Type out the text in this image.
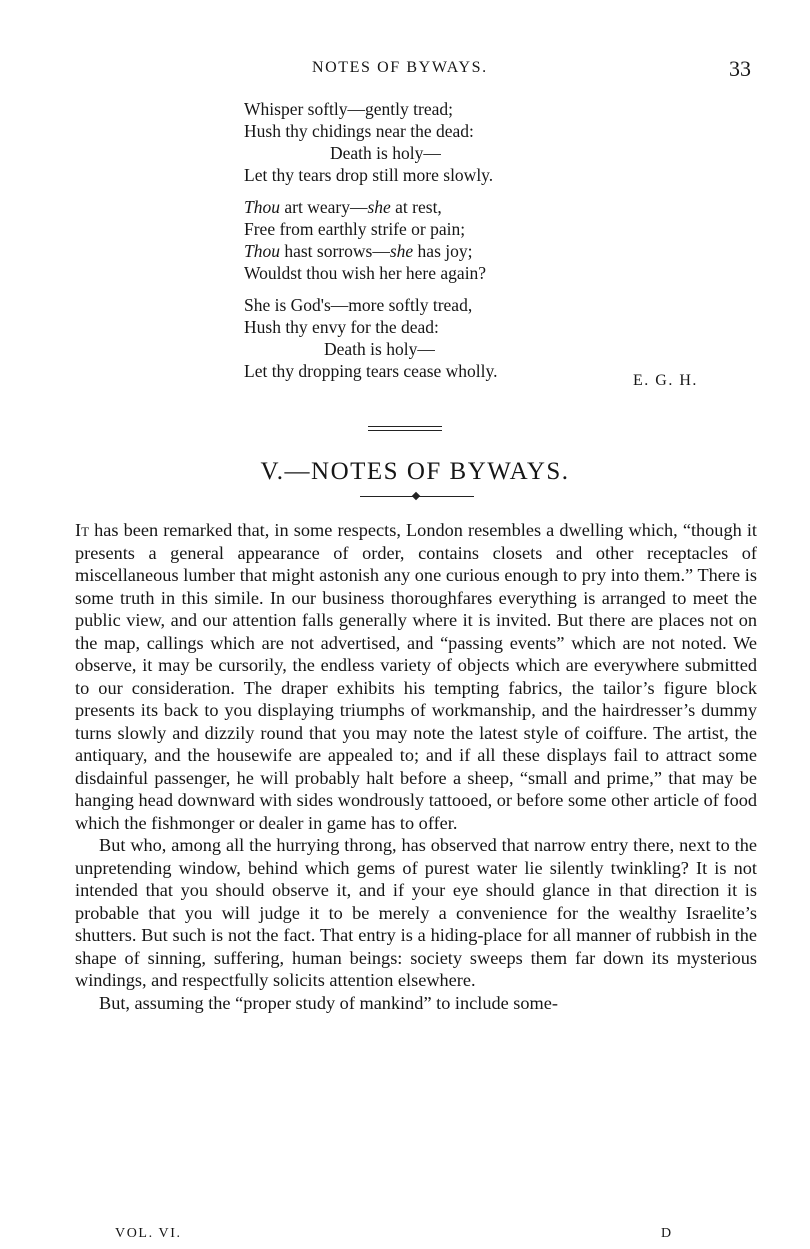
NOTES OF BYWAYS.	33
Whisper softly—gently tread;
Hush thy chidings near the dead:
Death is holy—
Let thy tears drop still more slowly.
Thou art weary—she at rest,
Free from earthly strife or pain;
Thou hast sorrows—she has joy;
Wouldst thou wish her here again?
She is God's—more softly tread,
Hush thy envy for the dead:
Death is holy—
Let thy dropping tears cease wholly.	E. G. H.
V.—NOTES OF BYWAYS.

It has been remarked that, in some respects, London resembles a dwelling which, “though it presents a general appearance of order, contains closets and other receptacles of miscellaneous lumber that might astonish any one curious enough to pry into them.” There is some truth in this simile. In our business thoroughfares everything is arranged to meet the public view, and our attention falls generally where it is invited. But there are places not on the map, callings which are not advertised, and “passing events” which are not noted. We observe, it may be cursorily, the endless variety of objects which are everywhere submitted to our consideration. The draper exhibits his tempting fabrics, the tailor’s figure block presents its back to you displaying triumphs of workmanship, and the hairdresser’s dummy turns slowly and dizzily round that you may note the latest style of coiffure. The artist, the antiquary, and the housewife are appealed to; and if all these displays fail to attract some disdainful passenger, he will probably halt before a sheep, “small and prime,” that may be hanging head downward with sides wondrously tattooed, or before some other article of food which the fishmonger or dealer in game has to offer.

But who, among all the hurrying throng, has observed that narrow entry there, next to the unpretending window, behind which gems of purest water lie silently twinkling? It is not intended that you should observe it, and if your eye should glance in that direction it is probable that you will judge it to be merely a convenience for the wealthy Israelite’s shutters. But such is not the fact. That entry is a hiding-place for all manner of rubbish in the shape of sinning, suffering, human beings: society sweeps them far down its mysterious windings, and respectfully solicits attention elsewhere.

But, assuming the “proper study of mankind” to include some-

VOL. VI.	D
